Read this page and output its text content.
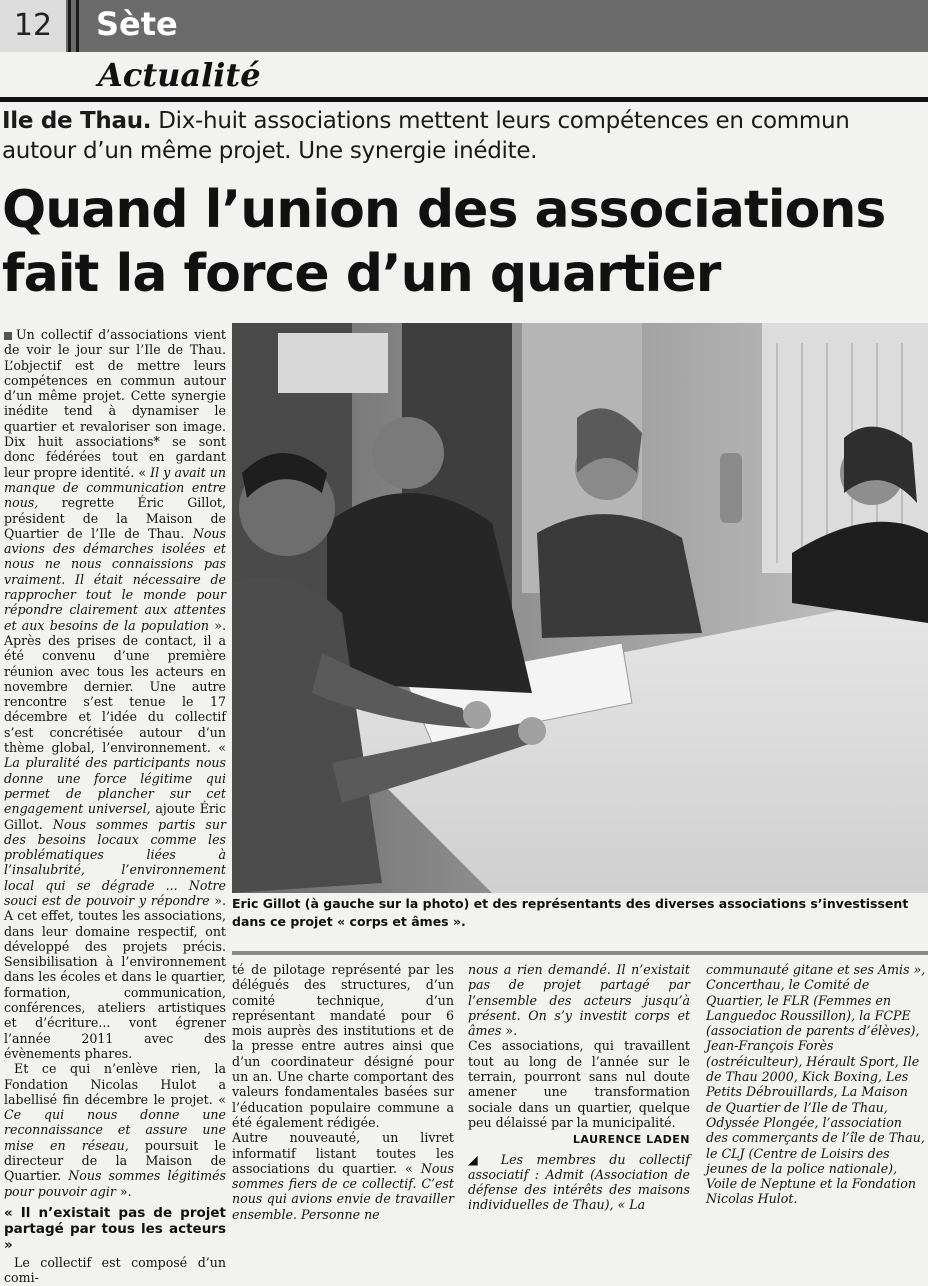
12	Sète
Actualité
Ile de Thau. Dix-huit associations mettent leurs compétences en commun autour d’un même projet. Une synergie inédite.
Quand l’union des associations
fait la force d’un quartier

Un collectif d’associations vient de voir le jour sur l’Ile de Thau. L’objectif est de mettre leurs compétences en commun autour d’un même projet. Cette synergie inédite tend à dynamiser le quartier et revaloriser son image. Dix huit associations* se sont donc fédérées tout en gardant leur propre identité. « Il y avait un manque de communication entre nous, regrette Éric Gillot, président de la Maison de Quartier de l’Ile de Thau. Nous avions des démarches isolées et nous ne nous connaissions pas vraiment. Il était nécessaire de rapprocher tout le monde pour répondre clairement aux attentes et aux besoins de la population ». Après des prises de contact, il a été convenu d’une première réunion avec tous les acteurs en novembre dernier. Une autre rencontre s’est tenue le 17 décembre et l’idée du collectif s’est concrétisée autour d’un thème global, l’environnement. « La pluralité des participants nous donne une force légitime qui permet de plancher sur cet engagement universel, ajoute Éric Gillot. Nous sommes partis sur des besoins locaux comme les problématiques liées à l’insalubrité, l’environnement local qui se dégrade ... Notre souci est de pouvoir y répondre ». A cet effet, toutes les associations, dans leur domaine respectif, ont développé des projets précis. Sensibilisation à l’environnement dans les écoles et dans le quartier, formation, communication, conférences, ateliers artistiques et d’écriture... vont égrener l’année 2011 avec des évènements phares.

Et ce qui n’enlève rien, la Fondation Nicolas Hulot a labellisé fin décembre le projet. « Ce qui nous donne une reconnaissance et assure une mise en réseau, poursuit le directeur de la Maison de Quartier. Nous sommes légitimés pour pouvoir agir ».

« Il n’existait pas de projet partagé par tous les acteurs »

Le collectif est composé d’un comi-

Eric Gillot (à gauche sur la photo) et des représentants des diverses associations s’investissent dans ce projet « corps et âmes ».

té de pilotage représenté par les délégués des structures, d’un comité technique, d’un représentant mandaté pour 6 mois auprès des institutions et de la presse entre autres ainsi que d’un coordinateur désigné pour un an. Une charte comportant des valeurs fondamentales basées sur l’éducation populaire commune a été également rédigée.

Autre nouveauté, un livret informatif listant toutes les associations du quartier. « Nous sommes fiers de ce collectif. C’est nous qui avions envie de travailler ensemble. Personne ne

nous a rien demandé. Il n’existait pas de projet partagé par l’ensemble des acteurs jusqu’à présent. On s’y investit corps et âmes ».

Ces associations, qui travaillent tout au long de l’année sur le terrain, pourront sans nul doute amener une transformation sociale dans un quartier, quelque peu délaissé par la municipalité.

LAURENCE LADEN

◢ Les membres du collectif associatif : Admit (Association de défense des intérêts des maisons individuelles de Thau), « La

communauté gitane et ses Amis », Concerthau, le Comité de Quartier, le FLR (Femmes en Languedoc Roussillon), la FCPE (association de parents d’élèves), Jean-François Forès (ostréiculteur), Hérault Sport, Ile de Thau 2000, Kick Boxing, Les Petits Débrouillards, La Maison de Quartier de l’Ile de Thau, Odyssée Plongée, l’association des commerçants de l’île de Thau, le CLJ (Centre de Loisirs des jeunes de la police nationale), Voile de Neptune et la Fondation Nicolas Hulot.
